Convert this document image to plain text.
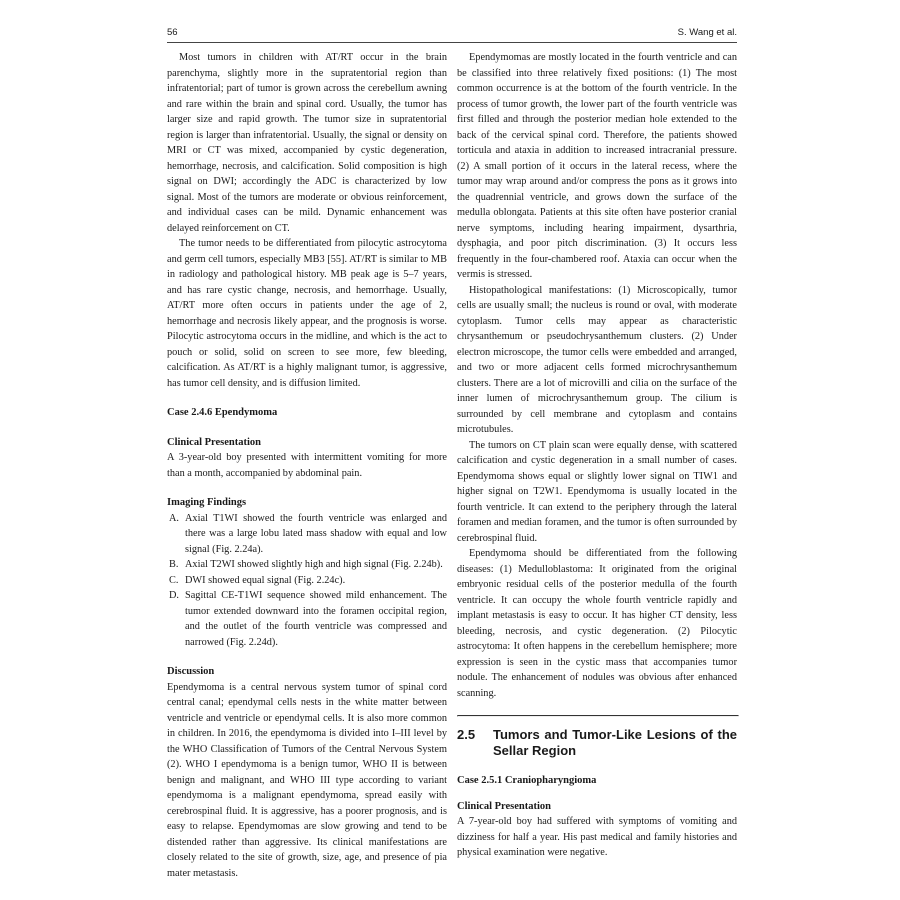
56	S. Wang et al.

Most tumors in children with AT/RT occur in the brain parenchyma, slightly more in the supratentorial region than infratentorial; part of tumor is grown across the cerebellum awning and rare within the brain and spinal cord. Usually, the tumor has larger size and rapid growth. The tumor size in supratentorial region is larger than infratentorial. Usually, the signal or density on MRI or CT was mixed, accompanied by cystic degeneration, hemorrhage, necrosis, and calcification. Solid composition is high signal on DWI; accordingly the ADC is characterized by low signal. Most of the tumors are moderate or obvious reinforcement, and individual cases can be mild. Dynamic enhancement was delayed reinforcement on CT.

The tumor needs to be differentiated from pilocytic astrocytoma and germ cell tumors, especially MB3 [55]. AT/RT is similar to MB in radiology and pathological history. MB peak age is 5–7 years, and has rare cystic change, necrosis, and hemorrhage. Usually, AT/RT more often occurs in patients under the age of 2, hemorrhage and necrosis likely appear, and the prognosis is worse. Pilocytic astrocytoma occurs in the midline, and which is the act to pouch or solid, solid on screen to see more, few bleeding, calcification. As AT/RT is a highly malignant tumor, is aggressive, has tumor cell density, and is diffusion limited.

Case 2.4.6 Ependymoma
Clinical Presentation

A 3-year-old boy presented with intermittent vomiting for more than a month, accompanied by abdominal pain.

Imaging Findings
A. Axial T1WI showed the fourth ventricle was enlarged and there was a large lobu lated mass shadow with equal and low signal (Fig. 2.24a).
B. Axial T2WI showed slightly high and high signal (Fig. 2.24b).
C. DWI showed equal signal (Fig. 2.24c).
D. Sagittal CE-T1WI sequence showed mild enhancement. The tumor extended downward into the foramen occipital region, and the outlet of the fourth ventricle was compressed and narrowed (Fig. 2.24d).
Discussion

Ependymoma is a central nervous system tumor of spinal cord central canal; ependymal cells nests in the white matter between ventricle and ventricle or ependymal cells. It is also more common in children. In 2016, the ependymoma is divided into I–III level by the WHO Classification of Tumors of the Central Nervous System (2). WHO I ependymoma is a benign tumor, WHO II is between benign and malignant, and WHO III type according to variant ependymoma is a malignant ependymoma, spread easily with cerebrospinal fluid. It is aggressive, has a poorer prognosis, and is easy to relapse. Ependymomas are slow growing and tend to be distended rather than aggressive. Its clinical manifestations are closely related to the site of growth, size, age, and presence of pia mater metastasis.

Ependymomas are mostly located in the fourth ventricle and can be classified into three relatively fixed positions: (1) The most common occurrence is at the bottom of the fourth ventricle. In the process of tumor growth, the lower part of the fourth ventricle was first filled and through the posterior median hole extended to the back of the cervical spinal cord. Therefore, the patients showed torticula and ataxia in addition to increased intracranial pressure. (2) A small portion of it occurs in the lateral recess, where the tumor may wrap around and/or compress the pons as it grows into the quadrennial ventricle, and grows down the surface of the medulla oblongata. Patients at this site often have posterior cranial nerve symptoms, including hearing impairment, dysarthria, dysphagia, and poor pitch discrimination. (3) It occurs less frequently in the four-chambered roof. Ataxia can occur when the vermis is stressed.

Histopathological manifestations: (1) Microscopically, tumor cells are usually small; the nucleus is round or oval, with moderate cytoplasm. Tumor cells may appear as characteristic chrysanthemum or pseudochrysanthemum clusters. (2) Under electron microscope, the tumor cells were embedded and arranged, and two or more adjacent cells formed microchrysanthemum clusters. There are a lot of microvilli and cilia on the surface of the inner lumen of microchrysanthemum group. The cilium is surrounded by cell membrane and cytoplasm and contains microtubules.

The tumors on CT plain scan were equally dense, with scattered calcification and cystic degeneration in a small number of cases. Ependymoma shows equal or slightly lower signal on TIW1 and higher signal on T2W1. Ependymoma is usually located in the fourth ventricle. It can extend to the periphery through the lateral foramen and median foramen, and the tumor is often surrounded by cerebrospinal fluid.

Ependymoma should be differentiated from the following diseases: (1) Medulloblastoma: It originated from the original embryonic residual cells of the posterior medulla of the fourth ventricle. It can occupy the whole fourth ventricle rapidly and implant metastasis is easy to occur. It has higher CT density, less bleeding, necrosis, and cystic degeneration. (2) Pilocytic astrocytoma: It often happens in the cerebellum hemisphere; more expression is seen in the cystic mass that accompanies tumor nodule. The enhancement of nodules was obvious after enhanced scanning.

2.5	Tumors and Tumor-Like Lesions of the Sellar Region
Case 2.5.1 Craniopharyngioma
Clinical Presentation

A 7-year-old boy had suffered with symptoms of vomiting and dizziness for half a year. His past medical and family histories and physical examination were negative.
